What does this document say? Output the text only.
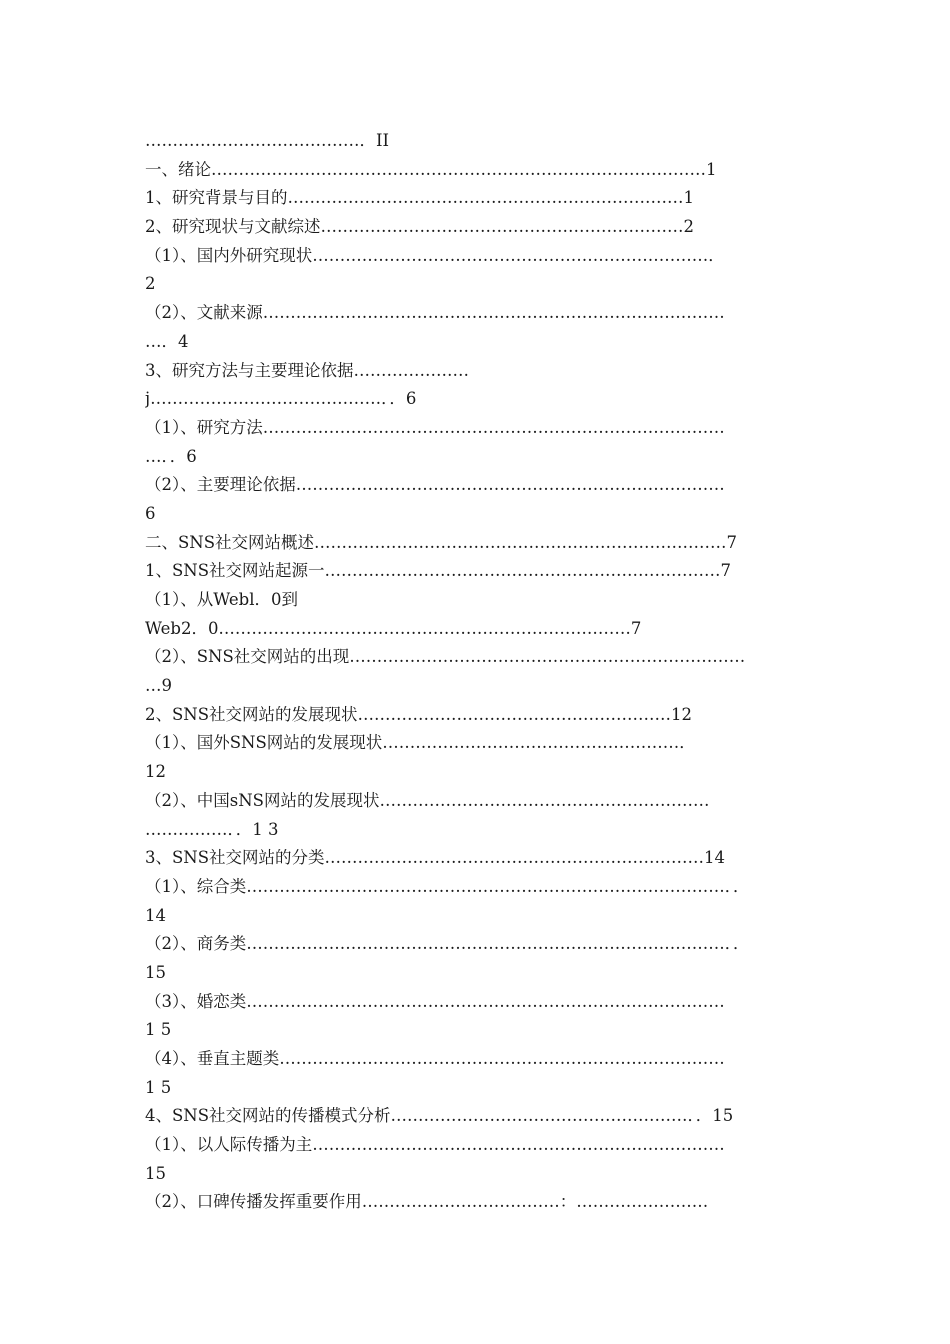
…………………………………．II
一、绪论………………………………………………………………………………1
1、研究背景与目的………………………………………………………………1
2、研究现状与文献综述…………………………………………………………2
（1）、国内外研究现状………………………………………………………………．
2
（2）、文献来源…………………………………………………………………………
…．4
3、研究方法与主要理论依据…………………
j……………………………………．．6
（1）、研究方法…………………………………………………………………………
…．．6
（2）、主要理论依据……………………………………………………………………
6
二、SNS社交网站概述…………………………………………………………………7
1、SNS社交网站起源一………………………………………………………………7
（1）、从Webl．0到
Web2．0…………………………………………………………………7
（2）、SNS社交网站的出现………………………………………………………………
…9
2、SNS社交网站的发展现状…………………………………………………12
（1）、国外SNS网站的发展现状………………………………………………．
12
（2）、中国sNS网站的发展现状……………………………………………………
……………．．1 3
3、SNS社交网站的分类……………………………………………………………14
（1）、综合类……………………………………………………………………………．．
14
（2）、商务类……………………………………………………………………………．．
15
（3）、婚恋类……………………………………………………………………………
1 5
（4）、垂直主题类………………………………………………………………………
1 5
4、SNS社交网站的传播模式分析………………………………………………．．15
（1）、以人际传播为主…………………………………………………………………
15
（2）、口碑传播发挥重要作用………………………………：……………………
